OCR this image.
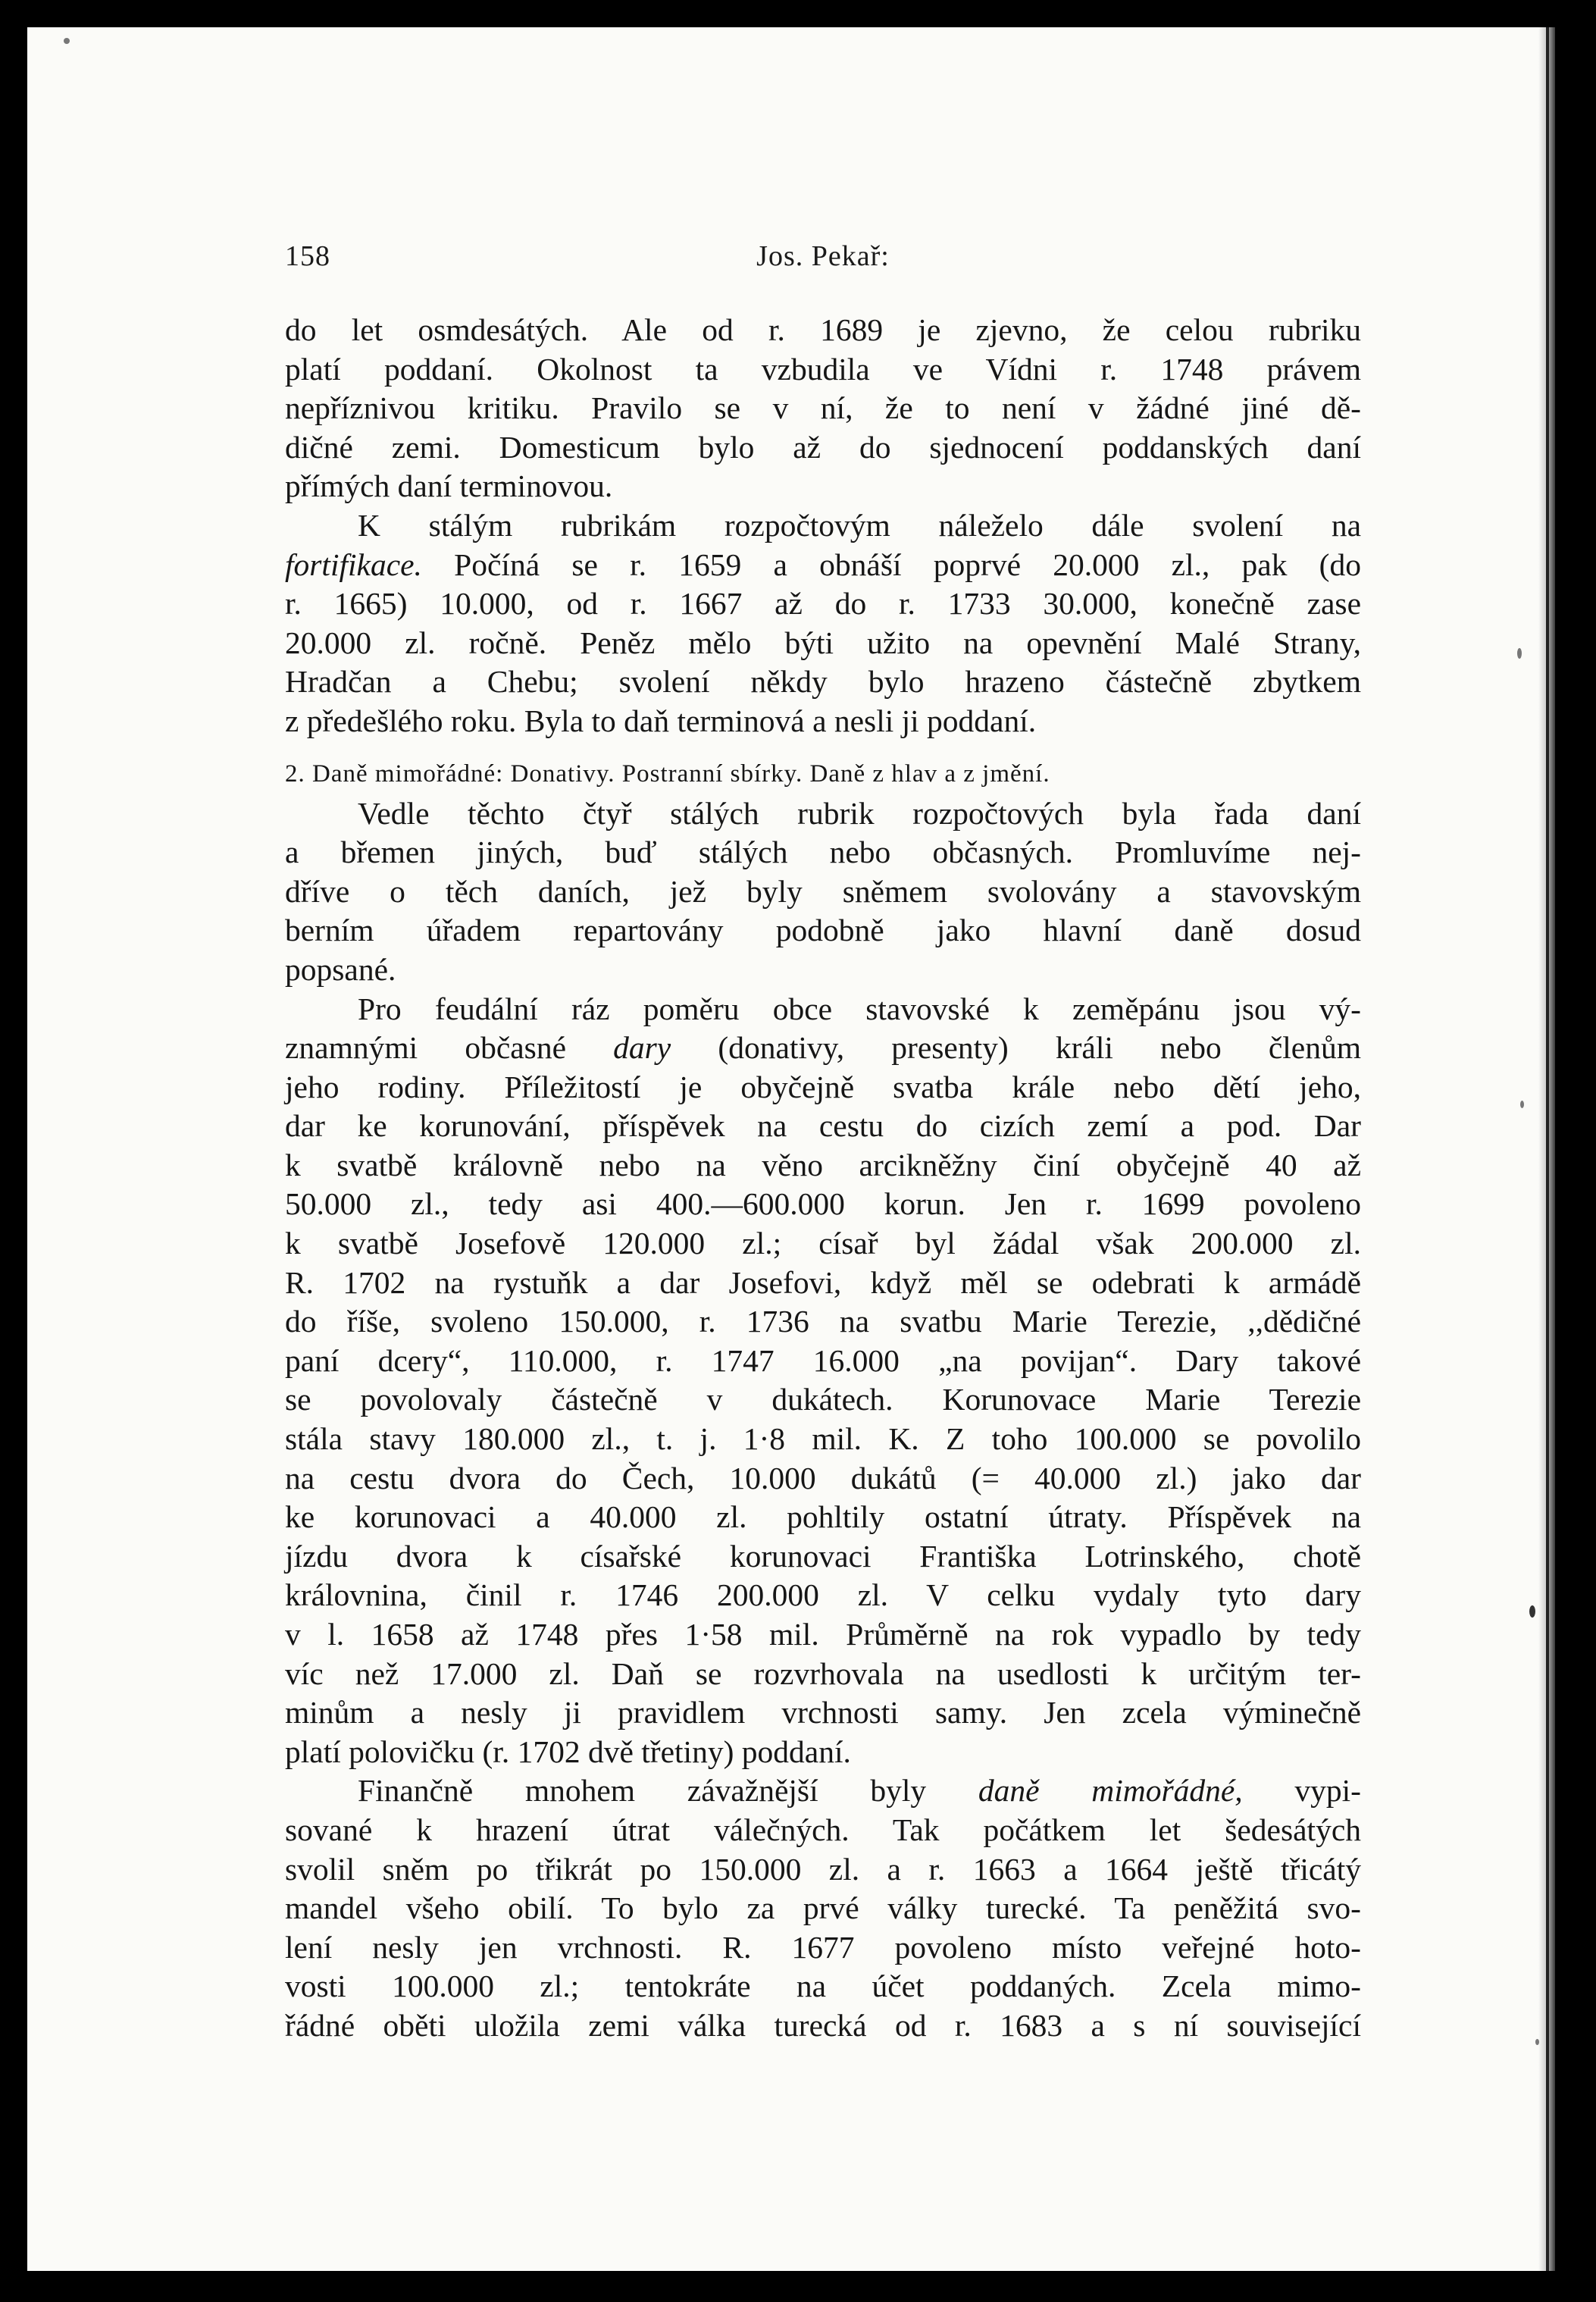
158	Jos. Pekař:

do let osmdesátých. Ale od r. 1689 je zjevno, že celou rubriku
platí poddaní. Okolnost ta vzbudila ve Vídni r. 1748 právem
nepříznivou kritiku. Pravilo se v ní, že to není v žádné jiné dě-
dičné zemi. Domesticum bylo až do sjednocení poddanských daní
přímých daní terminovou.

K stálým rubrikám rozpočtovým náleželo dále svolení na
fortifikace. Počíná se r. 1659 a obnáší poprvé 20.000 zl., pak (do
r. 1665) 10.000, od r. 1667 až do r. 1733 30.000, konečně zase
20.000 zl. ročně. Peněz mělo býti užito na opevnění Malé Strany,
Hradčan a Chebu; svolení někdy bylo hrazeno částečně zbytkem
z předešlého roku. Byla to daň terminová a nesli ji poddaní.

2. Daně mimořádné: Donativy. Postranní sbírky. Daně z hlav a z jmění.

Vedle těchto čtyř stálých rubrik rozpočtových byla řada daní
a břemen jiných, buď stálých nebo občasných. Promluvíme nej-
dříve o těch daních, jež byly sněmem svolovány a stavovským
berním úřadem repartovány podobně jako hlavní daně dosud
popsané.

Pro feudální ráz poměru obce stavovské k zeměpánu jsou vý-
znamnými občasné dary (donativy, presenty) králi nebo členům
jeho rodiny. Příležitostí je obyčejně svatba krále nebo dětí jeho,
dar ke korunování, příspěvek na cestu do cizích zemí a pod. Dar
k svatbě královně nebo na věno arcikněžny činí obyčejně 40 až
50.000 zl., tedy asi 400.—600.000 korun. Jen r. 1699 povoleno
k svatbě Josefově 120.000 zl.; císař byl žádal však 200.000 zl.
R. 1702 na rystuňk a dar Josefovi, když měl se odebrati k armádě
do říše, svoleno 150.000, r. 1736 na svatbu Marie Terezie, ,,dědičné
paní dcery“, 110.000, r. 1747 16.000 „na povijan“. Dary takové
se povolovaly částečně v dukátech. Korunovace Marie Terezie
stála stavy 180.000 zl., t. j. 1·8 mil. K. Z toho 100.000 se povolilo
na cestu dvora do Čech, 10.000 dukátů (= 40.000 zl.) jako dar
ke korunovaci a 40.000 zl. pohltily ostatní útraty. Příspěvek na
jízdu dvora k císařské korunovaci Františka Lotrinského, chotě
královnina, činil r. 1746 200.000 zl. V celku vydaly tyto dary
v l. 1658 až 1748 přes 1·58 mil. Průměrně na rok vypadlo by tedy
víc než 17.000 zl. Daň se rozvrhovala na usedlosti k určitým ter-
minům a nesly ji pravidlem vrchnosti samy. Jen zcela výminečně
platí polovičku (r. 1702 dvě třetiny) poddaní.

Finančně mnohem závažnější byly daně mimořádné, vypi-
sované k hrazení útrat válečných. Tak počátkem let šedesátých
svolil sněm po třikrát po 150.000 zl. a r. 1663 a 1664 ještě třicátý
mandel všeho obilí. To bylo za prvé války turecké. Ta peněžitá svo-
lení nesly jen vrchnosti. R. 1677 povoleno místo veřejné hoto-
vosti 100.000 zl.; tentokráte na účet poddaných. Zcela mimo-
řádné oběti uložila zemi válka turecká od r. 1683 a s ní související
